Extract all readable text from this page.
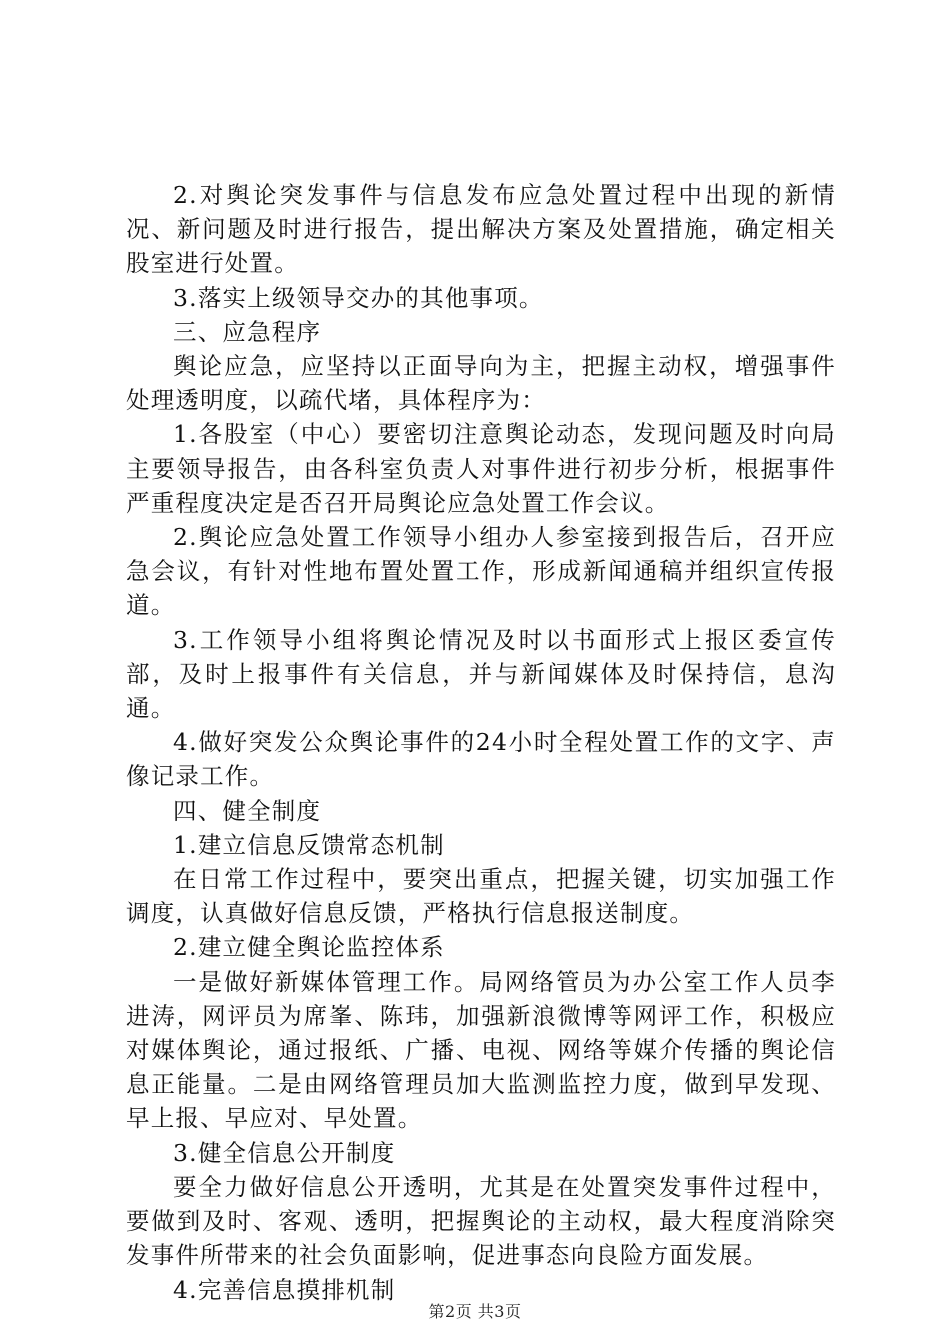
2.对舆论突发事件与信息发布应急处置过程中出现的新情况、新问题及时进行报告，提出解决方案及处置措施，确定相关股室进行处置。

3.落实上级领导交办的其他事项。

三、应急程序

舆论应急，应坚持以正面导向为主，把握主动权，增强事件处理透明度，以疏代堵，具体程序为：

1.各股室（中心）要密切注意舆论动态，发现问题及时向局主要领导报告，由各科室负责人对事件进行初步分析，根据事件严重程度决定是否召开局舆论应急处置工作会议。

2.舆论应急处置工作领导小组办人参室接到报告后，召开应急会议，有针对性地布置处置工作，形成新闻通稿并组织宣传报道。

3.工作领导小组将舆论情况及时以书面形式上报区委宣传部，及时上报事件有关信息，并与新闻媒体及时保持信，息沟通。

4.做好突发公众舆论事件的24小时全程处置工作的文字、声像记录工作。

四、健全制度

1.建立信息反馈常态机制

在日常工作过程中，要突出重点，把握关键，切实加强工作调度，认真做好信息反馈，严格执行信息报送制度。

2.建立健全舆论监控体系

一是做好新媒体管理工作。局网络管员为办公室工作人员李进涛，网评员为席峯、陈玮，加强新浪微博等网评工作，积极应对媒体舆论，通过报纸、广播、电视、网络等媒介传播的舆论信息正能量。二是由网络管理员加大监测监控力度，做到早发现、早上报、早应对、早处置。

3.健全信息公开制度

要全力做好信息公开透明，尤其是在处置突发事件过程中，要做到及时、客观、透明，把握舆论的主动权，最大程度消除突发事件所带来的社会负面影响，促进事态向良险方面发展。

4.完善信息摸排机制

第2页 共3页
